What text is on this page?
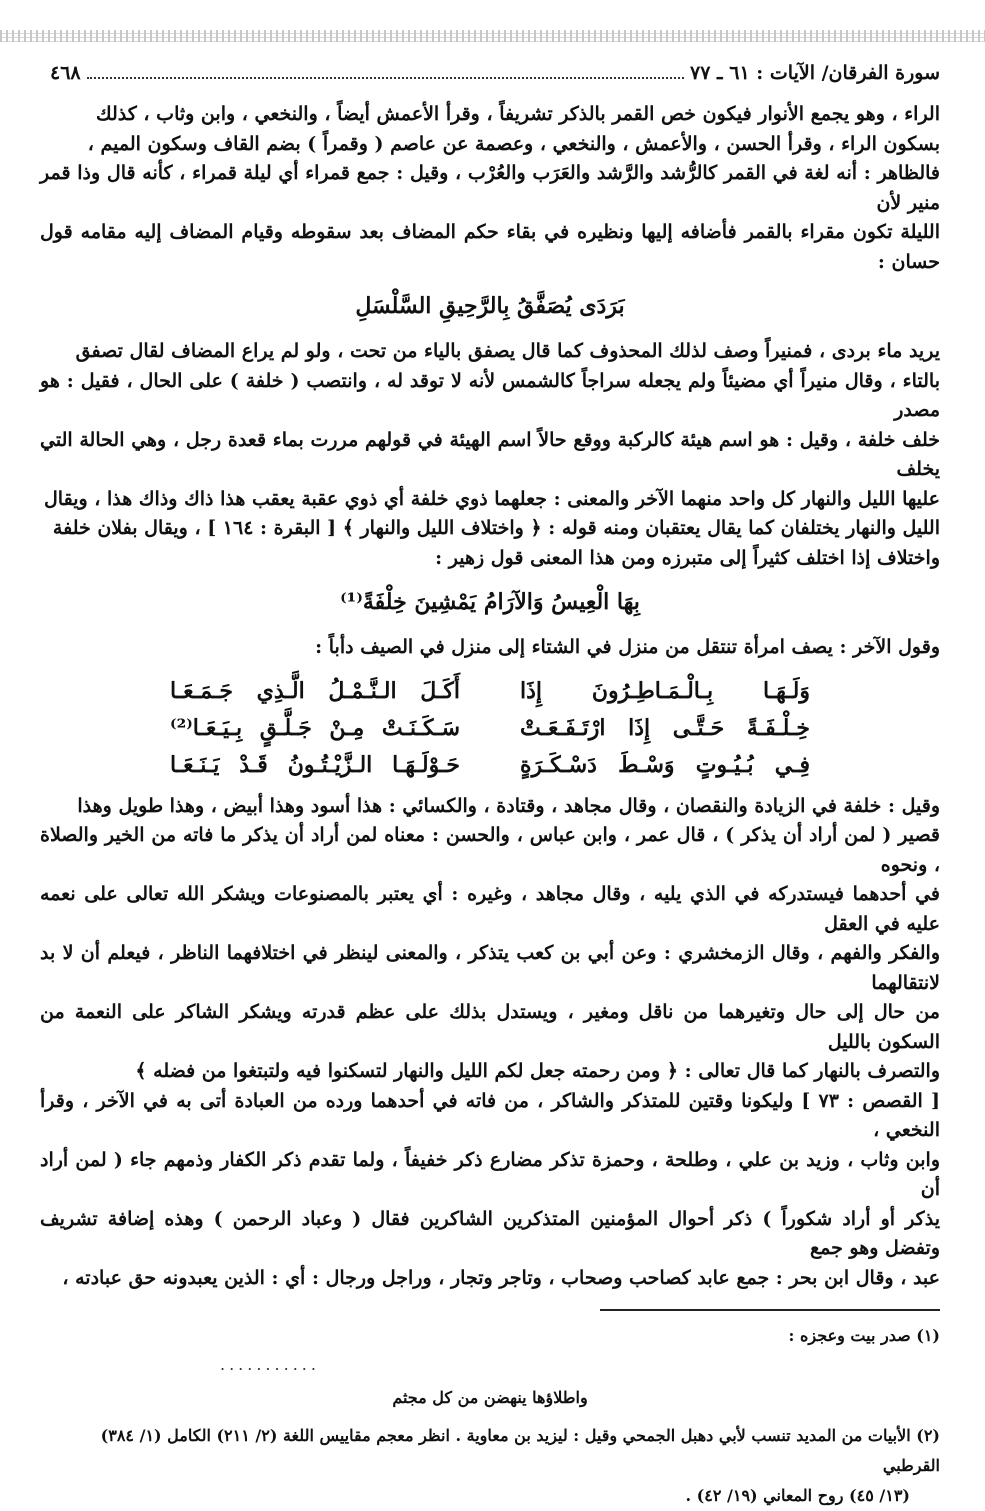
سورة الفرقان/ الآيات : ٦١ ـ ٧٧
٤٦٨
الراء ، وهو يجمع الأنوار فيكون خص القمر بالذكر تشريفاً ، وقرأ الأعمش أيضاً ، والنخعي ، وابن وثاب ، كذلك
بسكون الراء ، وقرأ الحسن ، والأعمش ، والنخعي ، وعصمة عن عاصم ( وقمراً ) بضم القاف وسكون الميم ،
فالظاهر : أنه لغة في القمر كالرُّشد والرَّشد والعَرَب والعُرْب ، وقيل : جمع قمراء أي ليلة قمراء ، كأنه قال وذا قمر منير لأن
الليلة تكون مقراء بالقمر فأضافه إليها ونظيره في بقاء حكم المضاف بعد سقوطه وقيام المضاف إليه مقامه قول حسان :
بَرَدَى يُصَفَّقُ بِالرَّحِيقِ السَّلْسَلِ
يريد ماء بردى ، فمنيراً وصف لذلك المحذوف كما قال يصفق بالياء من تحت ، ولو لم يراع المضاف لقال تصفق
بالتاء ، وقال منيراً أي مضيئاً ولم يجعله سراجاً كالشمس لأنه لا توقد له ، وانتصب ( خلفة ) على الحال ، فقيل : هو مصدر
خلف خلفة ، وقيل : هو اسم هيئة كالركبة ووقع حالاً اسم الهيئة في قولهم مررت بماء قعدة رجل ، وهي الحالة التي يخلف
عليها الليل والنهار كل واحد منهما الآخر والمعنى : جعلهما ذوي خلفة أي ذوي عقبة يعقب هذا ذاك وذاك هذا ، ويقال
الليل والنهار يختلفان كما يقال يعتقبان ومنه قوله : ﴿ واختلاف الليل والنهار ﴾ [ البقرة : ١٦٤ ] ، ويقال بفلان خلفة
واختلاف إذا اختلف كثيراً إلى متبرزه ومن هذا المعنى قول زهير :
بِهَا الْعِيسُ وَالآرَامُ يَمْشِينَ خِلْفَةً⁽¹⁾
وقول الآخر : يصف امرأة تنتقل من منزل في الشتاء إلى منزل في الصيف دأباً :
وَلَـهَـا بِـالْـمَـاطِـرُونَ إِذَا
أَكَـلَ الـنَّـمْـلُ الَّـذِي جَـمَـعَـا
خِـلْـفَـةً حَـتَّـى إِذَا ارْتَـفَـعَـتْ
سَـكَـنَـتْ مِـنْ جَـلَّـقٍ بِـيَـعَـا⁽²⁾
فِـي بُـيُـوتٍ وَسْـطَ دَسْـكَـرَةٍ
حَـوْلَـهَـا الـزَّيْـتُـونُ قَـدْ يَـنَـعَـا
وقيل : خلفة في الزيادة والنقصان ، وقال مجاهد ، وقتادة ، والكسائي : هذا أسود وهذا أبيض ، وهذا طويل وهذا
قصير ( لمن أراد أن يذكر ) ، قال عمر ، وابن عباس ، والحسن : معناه لمن أراد أن يذكر ما فاته من الخير والصلاة ، ونحوه
في أحدهما فيستدركه في الذي يليه ، وقال مجاهد ، وغيره : أي يعتبر بالمصنوعات ويشكر الله تعالى على نعمه عليه في العقل
والفكر والفهم ، وقال الزمخشري : وعن أبي بن كعب يتذكر ، والمعنى لينظر في اختلافهما الناظر ، فيعلم أن لا بد لانتقالهما
من حال إلى حال وتغيرهما من ناقل ومغير ، ويستدل بذلك على عظم قدرته ويشكر الشاكر على النعمة من السكون بالليل
والتصرف بالنهار كما قال تعالى : ﴿ ومن رحمته جعل لكم الليل والنهار لتسكنوا فيه ولتبتغوا من فضله ﴾
[ القصص : ٧٣ ] وليكونا وقتين للمتذكر والشاكر ، من فاته في أحدهما ورده من العبادة أتى به في الآخر ، وقرأ النخعي ،
وابن وثاب ، وزيد بن علي ، وطلحة ، وحمزة تذكر مضارع ذكر خفيفاً ، ولما تقدم ذكر الكفار وذمهم جاء ( لمن أراد أن
يذكر أو أراد شكوراً ) ذكر أحوال المؤمنين المتذكرين الشاكرين فقال ( وعباد الرحمن ) وهذه إضافة تشريف وتفضل وهو جمع
عبد ، وقال ابن بحر : جمع عابد كصاحب وصحاب ، وتاجر وتجار ، وراجل ورجال : أي : الذين يعبدونه حق عبادته ،
(١) صدر بيت وعجزه :
...........
واطلاؤها ينهضن من كل مجثم
(٢) الأبيات من المديد تنسب لأبي دهبل الجمحي وقيل : ليزيد بن معاوية . انظر معجم مقاييس اللغة (٢/ ٢١١) الكامل (١/ ٣٨٤) القرطبي
(١٣/ ٤٥) روح المعاني (١٩/ ٤٢) .
